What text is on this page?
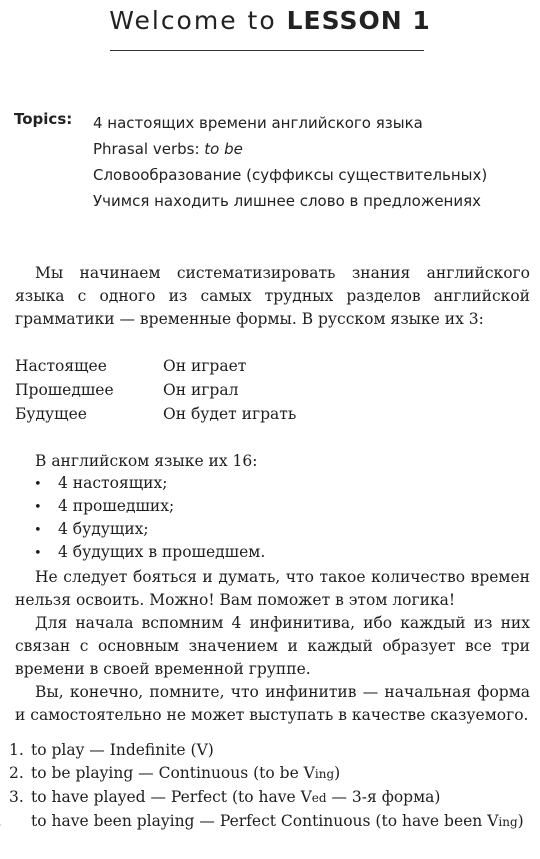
Welcome to LESSON 1
Topics: 4 настоящих времени английского языка
Phrasal verbs: to be
Словообразование (суффиксы существительных)
Учимся находить лишнее слово в предложениях
Мы начинаем систематизировать знания английского языка с одного из самых трудных разделов английской грамматики — временные формы. В русском языке их 3:
Настоящее	Он играет
Прошедшее	Он играл
Будущее	Он будет играть
В английском языке их 16:
• 4 настоящих;
• 4 прошедших;
• 4 будущих;
• 4 будущих в прошедшем.
Не следует бояться и думать, что такое количество времен нельзя освоить. Можно! Вам поможет в этом логика!
Для начала вспомним 4 инфинитива, ибо каждый из них связан с основным значением и каждый образует все три времени в своей временной группе.
Вы, конечно, помните, что инфинитив — начальная форма и самостоятельно не может выступать в качестве сказуемого.
1. to play — Indefinite (V)
2. to be playing — Continuous (to be Ving)
3. to have played — Perfect (to have Ved — 3-я форма)
to have been playing — Perfect Continuous (to have been Ving)
